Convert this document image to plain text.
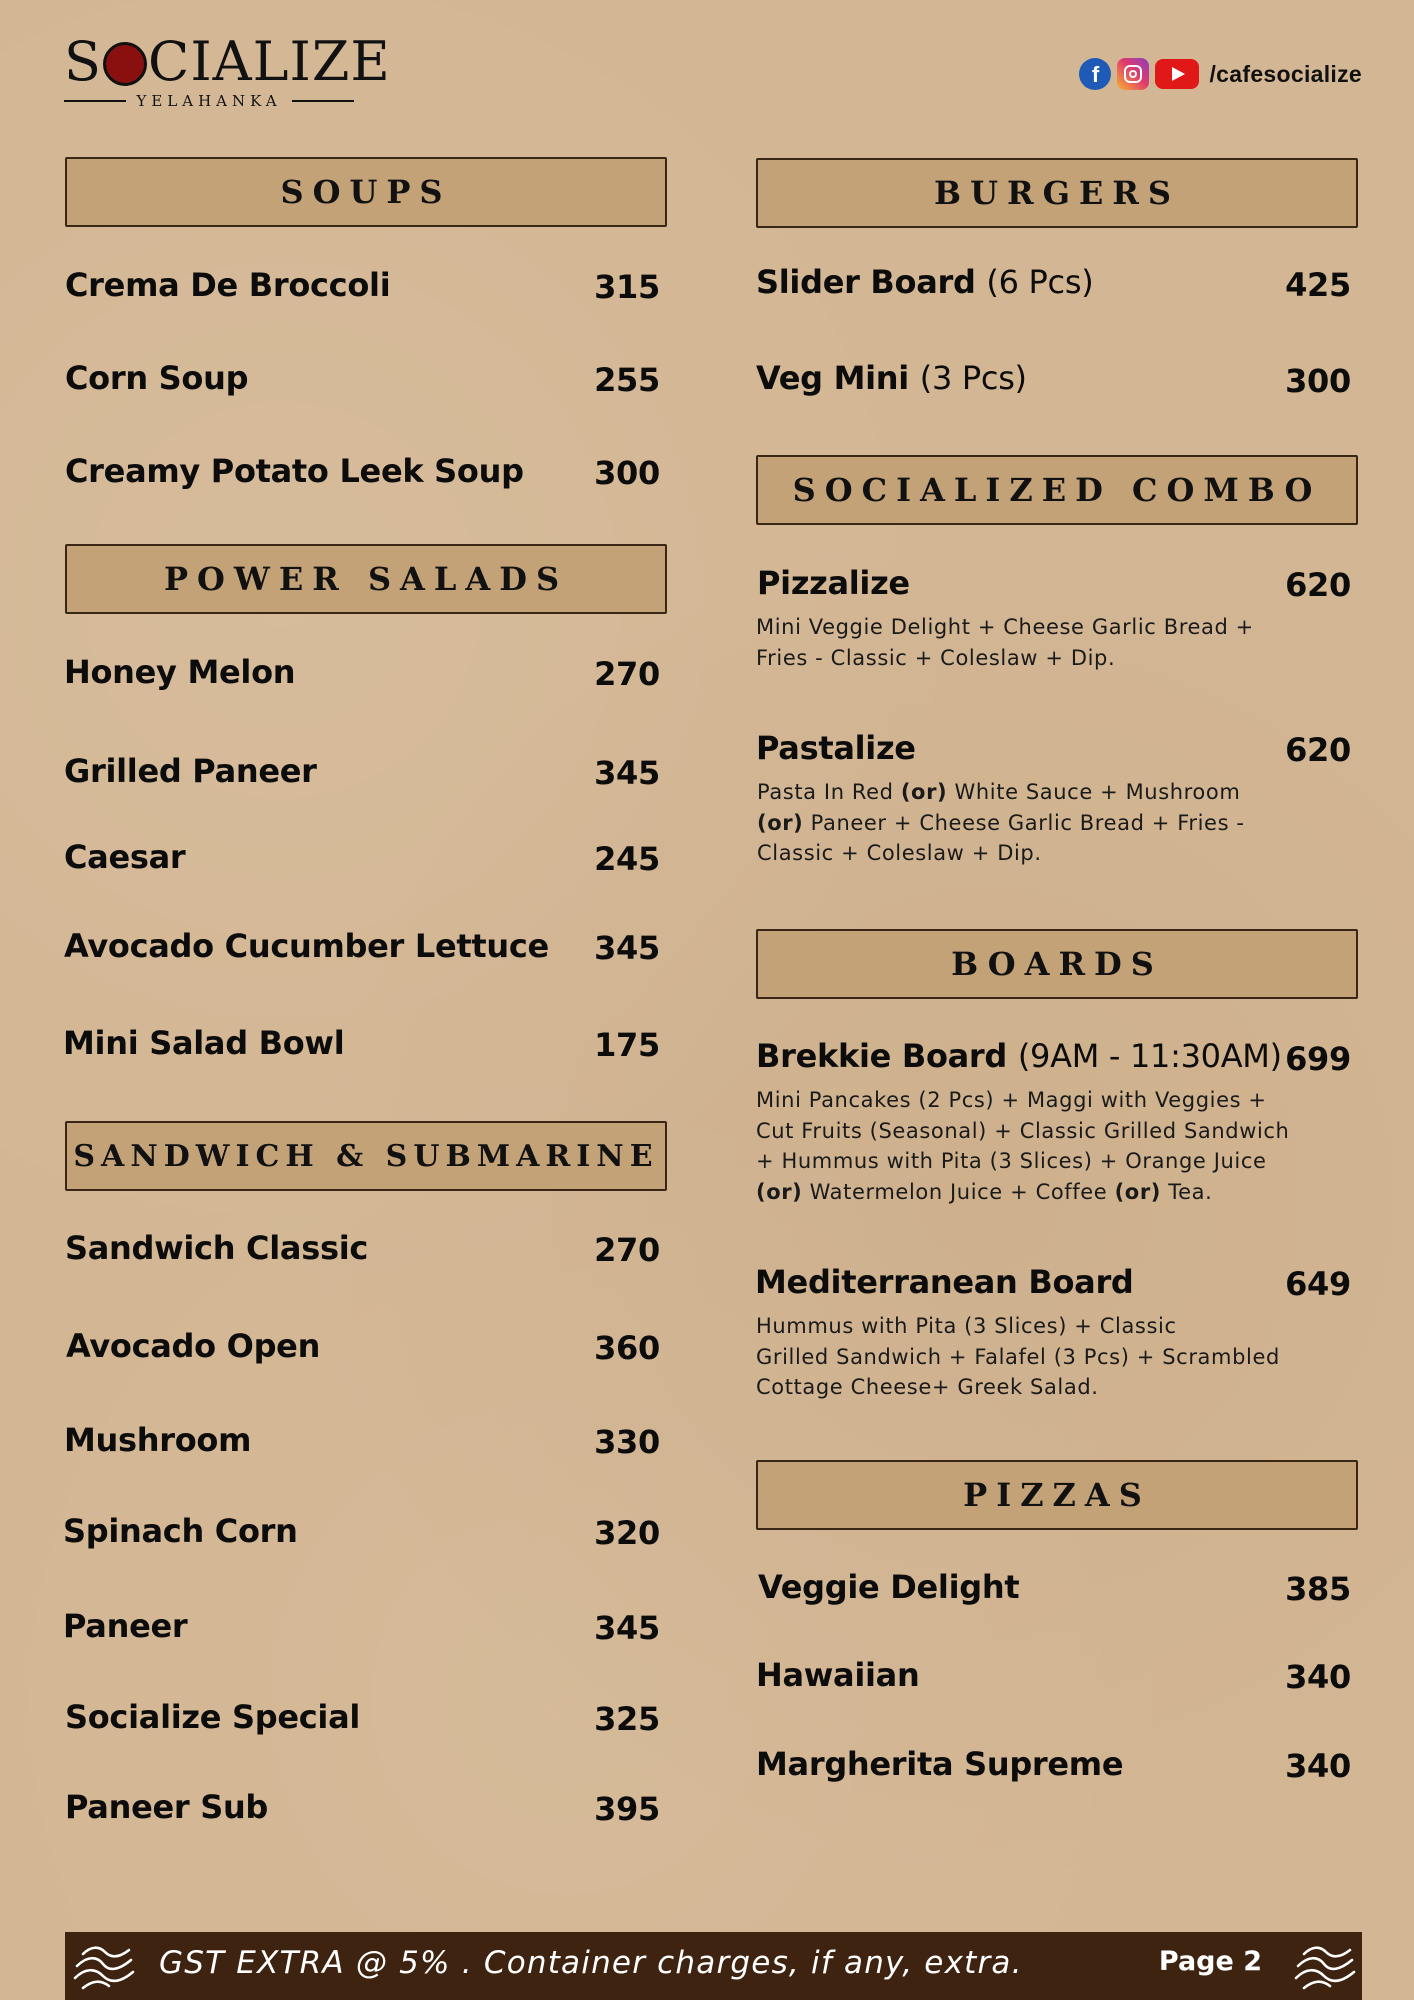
S CIALIZE
YELAHANKA
f	/cafesocialize
SOUPS
Crema De Broccoli	315
Corn Soup	255
Creamy Potato Leek Soup 300
POWER SALADS
Honey Melon	270
Grilled Paneer	345
Caesar	245
Avocado Cucumber Lettuce 345
Mini Salad Bowl	175
SANDWICH & SUBMARINE
Sandwich Classic	270
Avocado Open	360
Mushroom	330
Spinach Corn	320
Paneer	345
Socialize Special	325
Paneer Sub	395
BURGERS
Slider Board (6 Pcs)	425
Veg Mini (3 Pcs)	300
SOCIALIZED COMBO
Pizzalize	620
Mini Veggie Delight + Cheese Garlic Bread +
Fries - Classic + Coleslaw + Dip.
Pastalize	620
Pasta In Red (or) White Sauce + Mushroom
(or) Paneer + Cheese Garlic Bread + Fries -
Classic + Coleslaw + Dip.
BOARDS
Brekkie Board (9AM - 11:30AM) 699
Mini Pancakes (2 Pcs) + Maggi with Veggies +
Cut Fruits (Seasonal) + Classic Grilled Sandwich
+ Hummus with Pita (3 Slices) + Orange Juice
(or) Watermelon Juice + Coffee (or) Tea.
Mediterranean Board	649
Hummus with Pita (3 Slices) + Classic
Grilled Sandwich + Falafel (3 Pcs) + Scrambled
Cottage Cheese+ Greek Salad.
PIZZAS
Veggie Delight	385
Hawaiian	340
Margherita Supreme	340
GST EXTRA @ 5% . Container charges, if any, extra.	Page 2
